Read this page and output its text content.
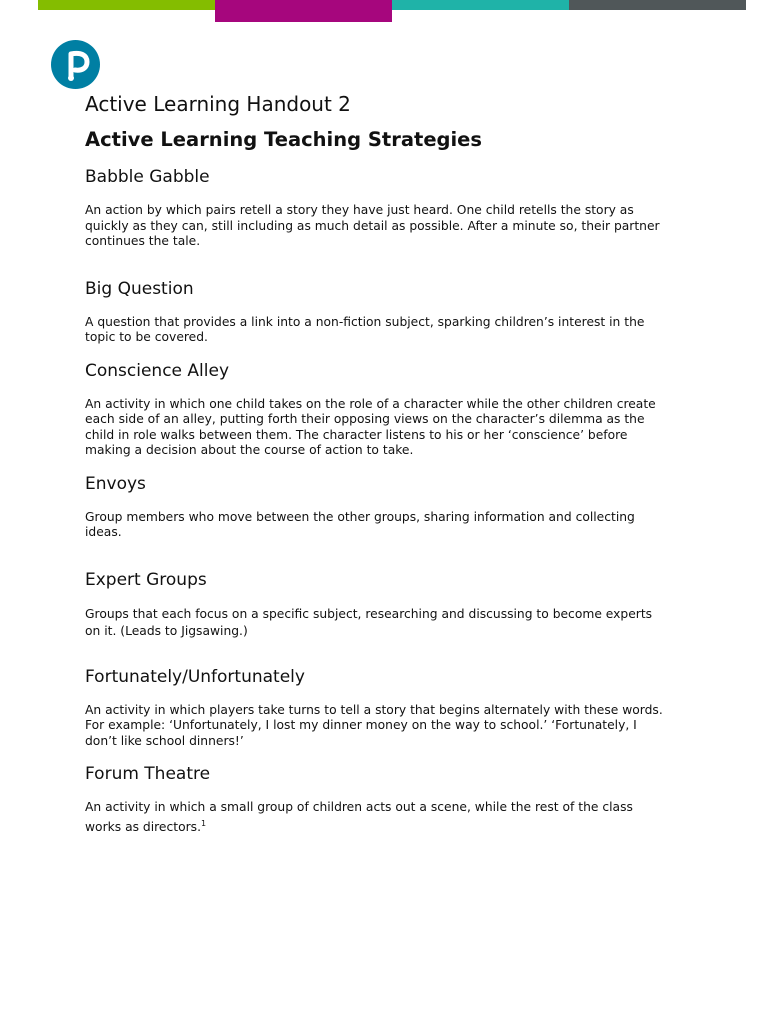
Active Learning Handout 2
Active Learning Teaching Strategies
Babble Gabble

An action by which pairs retell a story they have just heard. One child retells the story as quickly as they can, still including as much detail as possible. After a minute so, their partner continues the tale.

Big Question

A question that provides a link into a non-fiction subject, sparking children’s interest in the topic to be covered.

Conscience Alley

An activity in which one child takes on the role of a character while the other children create each side of an alley, putting forth their opposing views on the character’s dilemma as the child in role walks between them. The character listens to his or her ‘conscience’ before making a decision about the course of action to take.

Envoys

Group members who move between the other groups, sharing information and collecting ideas.

Expert Groups

Groups that each focus on a specific subject, researching and discussing to become experts on it. (Leads to Jigsawing.)

Fortunately/Unfortunately

An activity in which players take turns to tell a story that begins alternately with these words. For example: ‘Unfortunately, I lost my dinner money on the way to school.’ ‘Fortunately, I don’t like school dinners!’

Forum Theatre

An activity in which a small group of children acts out a scene, while the rest of the class works as directors.$^1$
